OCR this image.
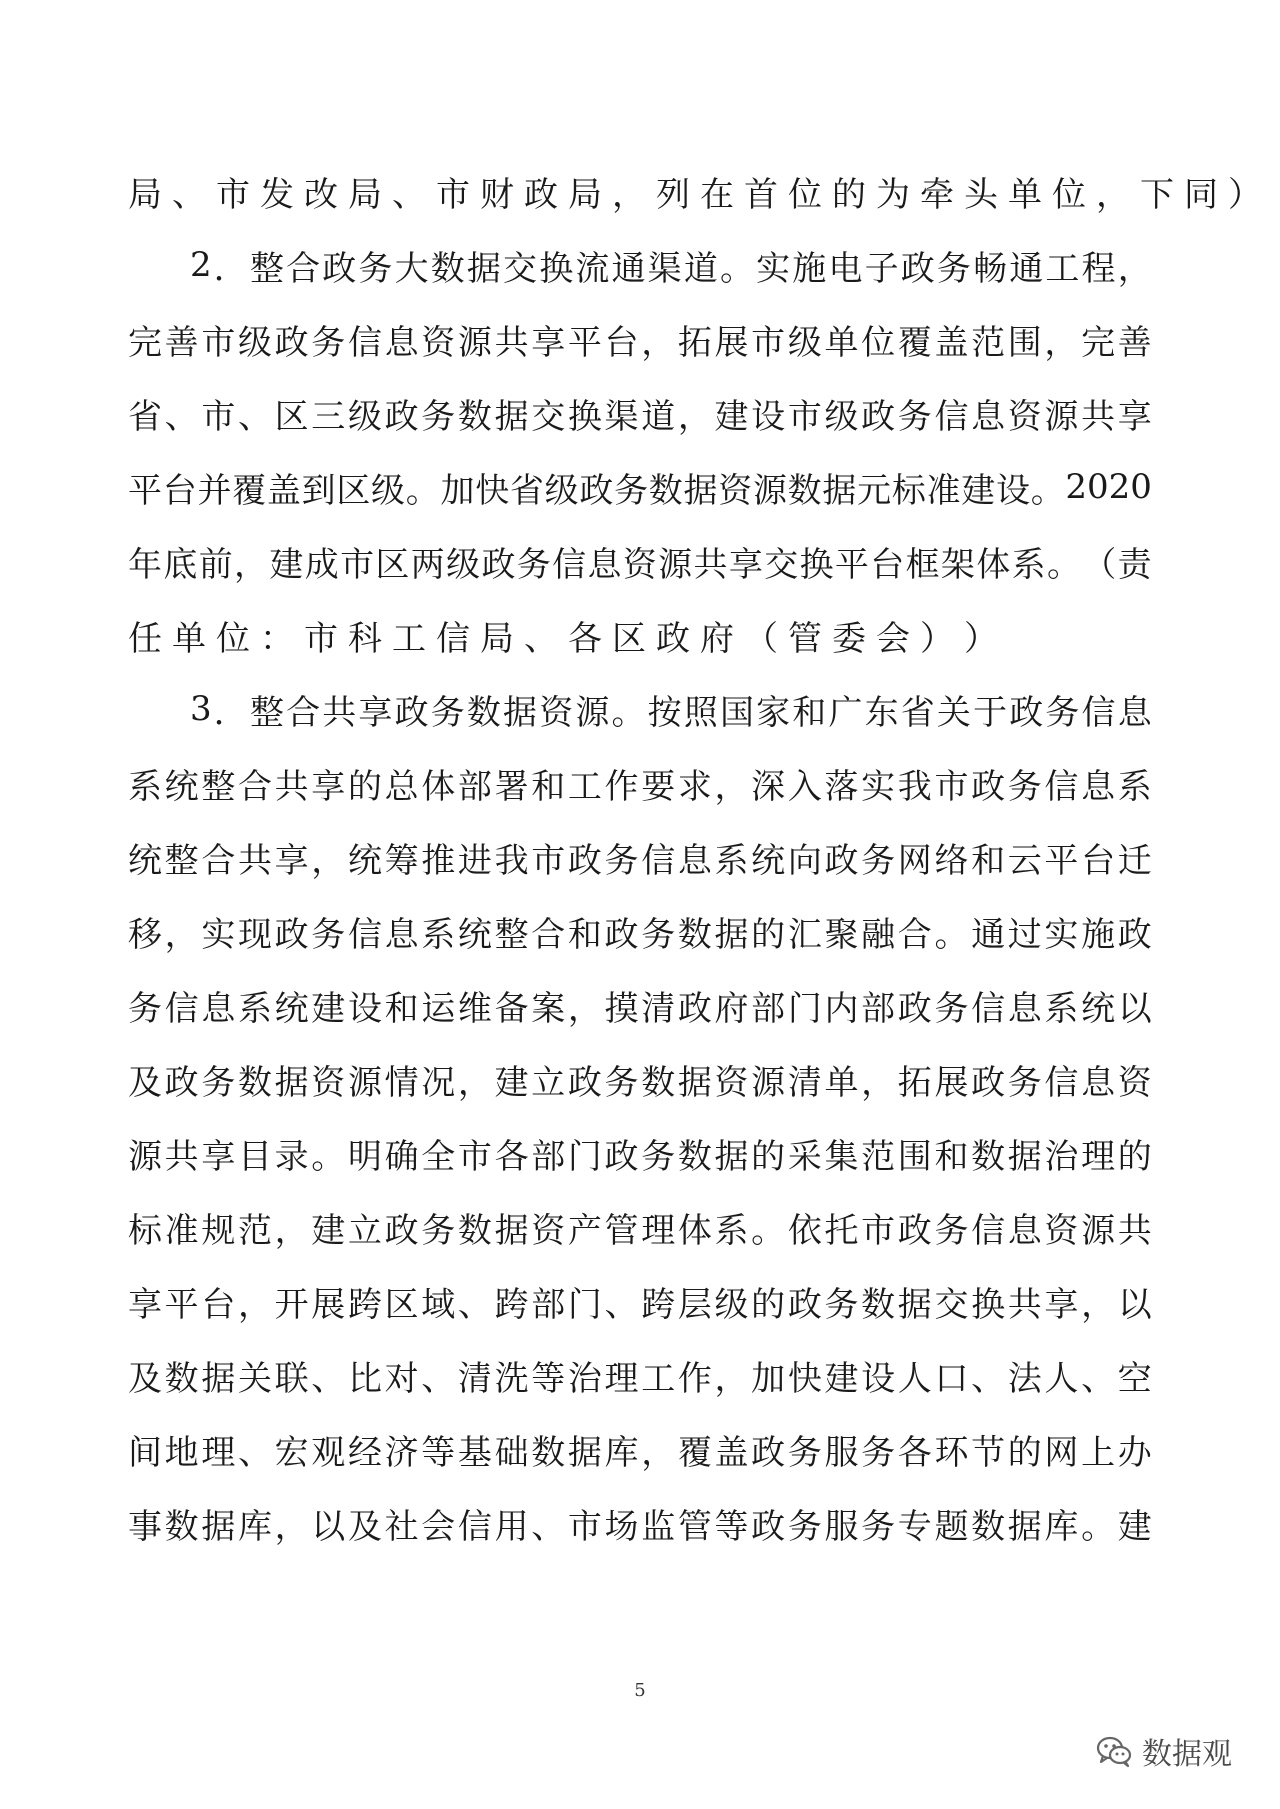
局 、 市 发 改 局 、 市 财 政 局 ， 列 在 首 位 的 为 牵 头 单 位 ， 下 同 ）
2 ． 整 合 政 务 大 数 据 交 换 流 通 渠 道 。 实 施 电 子 政 务 畅 通 工 程 ，
完 善 市 级 政 务 信 息 资 源 共 享 平 台 ， 拓 展 市 级 单 位 覆 盖 范 围 ， 完 善
省 、 市 、 区 三 级 政 务 数 据 交 换 渠 道 ， 建 设 市 级 政 务 信 息 资 源 共 享
平 台 并 覆 盖 到 区 级 。 加 快 省 级 政 务 数 据 资 源 数 据 元 标 准 建 设 。 2020
年 底 前 ， 建 成 市 区 两 级 政 务 信 息 资 源 共 享 交 换 平 台 框 架 体 系 。 （ 责
任 单 位 ： 市 科 工 信 局 、 各 区 政 府 （ 管 委 会 ） ）
3 ． 整 合 共 享 政 务 数 据 资 源 。 按 照 国 家 和 广 东 省 关 于 政 务 信 息
系 统 整 合 共 享 的 总 体 部 署 和 工 作 要 求 ， 深 入 落 实 我 市 政 务 信 息 系
统 整 合 共 享 ， 统 筹 推 进 我 市 政 务 信 息 系 统 向 政 务 网 络 和 云 平 台 迁
移 ， 实 现 政 务 信 息 系 统 整 合 和 政 务 数 据 的 汇 聚 融 合 。 通 过 实 施 政
务 信 息 系 统 建 设 和 运 维 备 案 ， 摸 清 政 府 部 门 内 部 政 务 信 息 系 统 以
及 政 务 数 据 资 源 情 况 ， 建 立 政 务 数 据 资 源 清 单 ， 拓 展 政 务 信 息 资
源 共 享 目 录 。 明 确 全 市 各 部 门 政 务 数 据 的 采 集 范 围 和 数 据 治 理 的
标 准 规 范 ， 建 立 政 务 数 据 资 产 管 理 体 系 。 依 托 市 政 务 信 息 资 源 共
享 平 台 ， 开 展 跨 区 域 、 跨 部 门 、 跨 层 级 的 政 务 数 据 交 换 共 享 ， 以
及 数 据 关 联 、 比 对 、 清 洗 等 治 理 工 作 ， 加 快 建 设 人 口 、 法 人 、 空
间 地 理 、 宏 观 经 济 等 基 础 数 据 库 ， 覆 盖 政 务 服 务 各 环 节 的 网 上 办
事 数 据 库 ， 以 及 社 会 信 用 、 市 场 监 管 等 政 务 服 务 专 题 数 据 库 。 建
5
数据观
